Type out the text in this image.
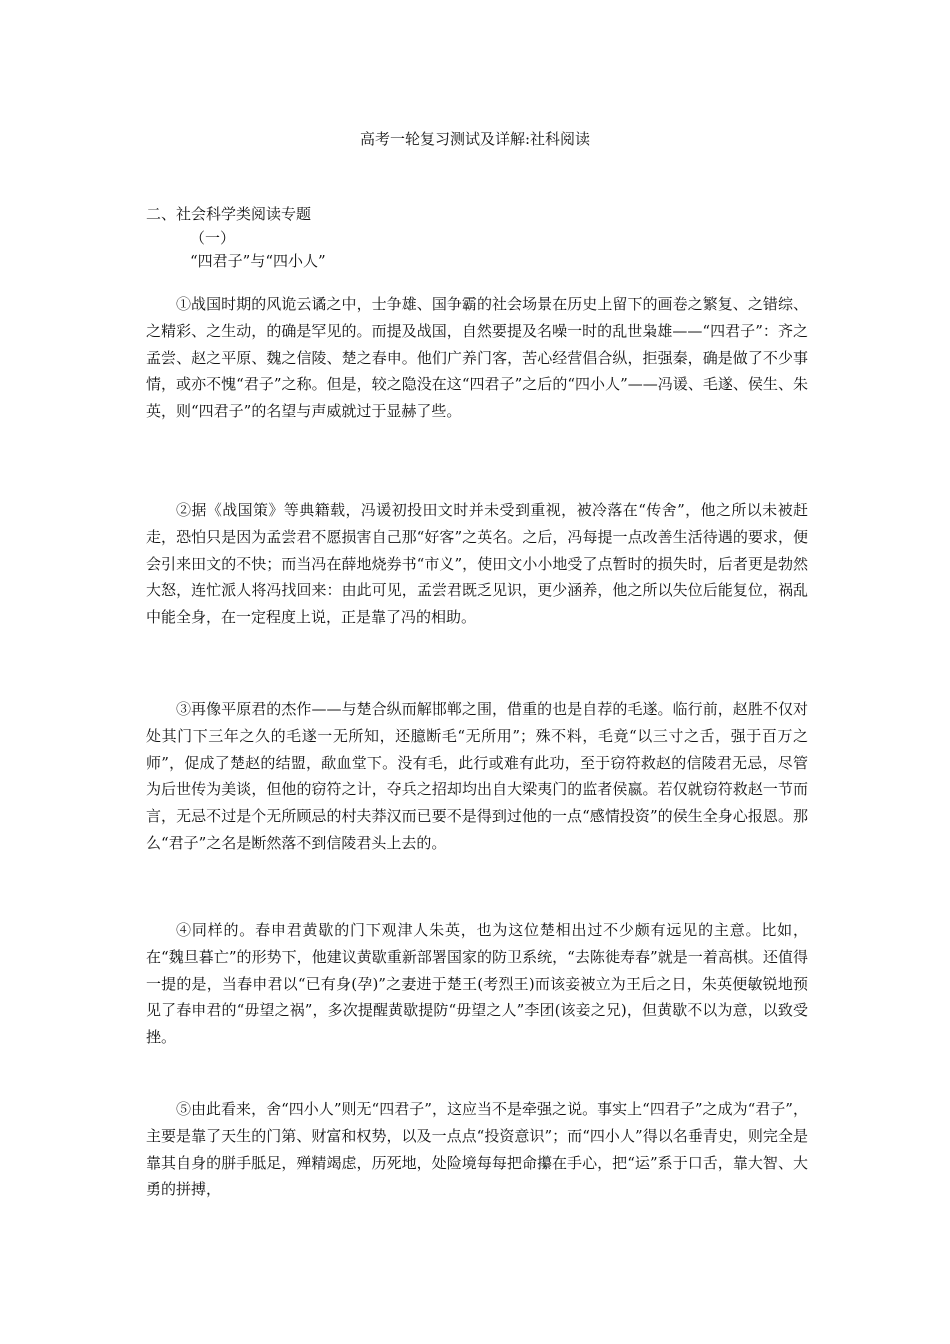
高考一轮复习测试及详解:社科阅读

二、社会科学类阅读专题

（一）

“四君子”与“四小人”

①战国时期的风诡云谲之中，士争雄、国争霸的社会场景在历史上留下的画卷之繁复、之错综、之精彩、之生动，的确是罕见的。而提及战国，自然要提及名噪一时的乱世枭雄——“四君子”：齐之孟尝、赵之平原、魏之信陵、楚之春申。他们广养门客，苦心经营倡合纵，拒强秦，确是做了不少事情，或亦不愧“君子”之称。但是，较之隐没在这“四君子”之后的“四小人”——冯谖、毛遂、侯生、朱英，则“四君子”的名望与声威就过于显赫了些。

②据《战国策》等典籍载，冯谖初投田文时并未受到重视，被冷落在“传舍”，他之所以未被赶走，恐怕只是因为孟尝君不愿损害自己那“好客”之英名。之后，冯每提一点改善生活待遇的要求，便会引来田文的不快；而当冯在薛地烧券书“市义”，使田文小小地受了点暂时的损失时，后者更是勃然大怒，连忙派人将冯找回来：由此可见，孟尝君既乏见识，更少涵养，他之所以失位后能复位，祸乱中能全身，在一定程度上说，正是靠了冯的相助。

③再像平原君的杰作——与楚合纵而解邯郸之围，借重的也是自荐的毛遂。临行前，赵胜不仅对处其门下三年之久的毛遂一无所知，还臆断毛“无所用”；殊不料，毛竟“以三寸之舌，强于百万之师”，促成了楚赵的结盟，歃血堂下。没有毛，此行或难有此功，至于窃符救赵的信陵君无忌，尽管为后世传为美谈，但他的窃符之计，夺兵之招却均出自大梁夷门的监者侯嬴。若仅就窃符救赵一节而言，无忌不过是个无所顾忌的村夫莽汉而已要不是得到过他的一点“感情投资”的侯生全身心报恩。那么“君子”之名是断然落不到信陵君头上去的。

④同样的。春申君黄歇的门下观津人朱英，也为这位楚相出过不少颇有远见的主意。比如，在“魏旦暮亡”的形势下，他建议黄歇重新部署国家的防卫系统，“去陈徙寿春”就是一着高棋。还值得一提的是，当春申君以“已有身(孕)”之妻进于楚王(考烈王)而该妾被立为王后之日，朱英便敏锐地预见了春申君的“毋望之祸”，多次提醒黄歇提防“毋望之人”李团(该妾之兄)，但黄歇不以为意，以致受挫。

⑤由此看来，舍“四小人”则无“四君子”，这应当不是牵强之说。事实上“四君子”之成为“君子”，主要是靠了天生的门第、财富和权势，以及一点点“投资意识”；而“四小人”得以名垂青史，则完全是靠其自身的胼手胝足，殚精竭虑，历死地，处险境每每把命攥在手心，把“运”系于口舌，靠大智、大勇的拼搏，
